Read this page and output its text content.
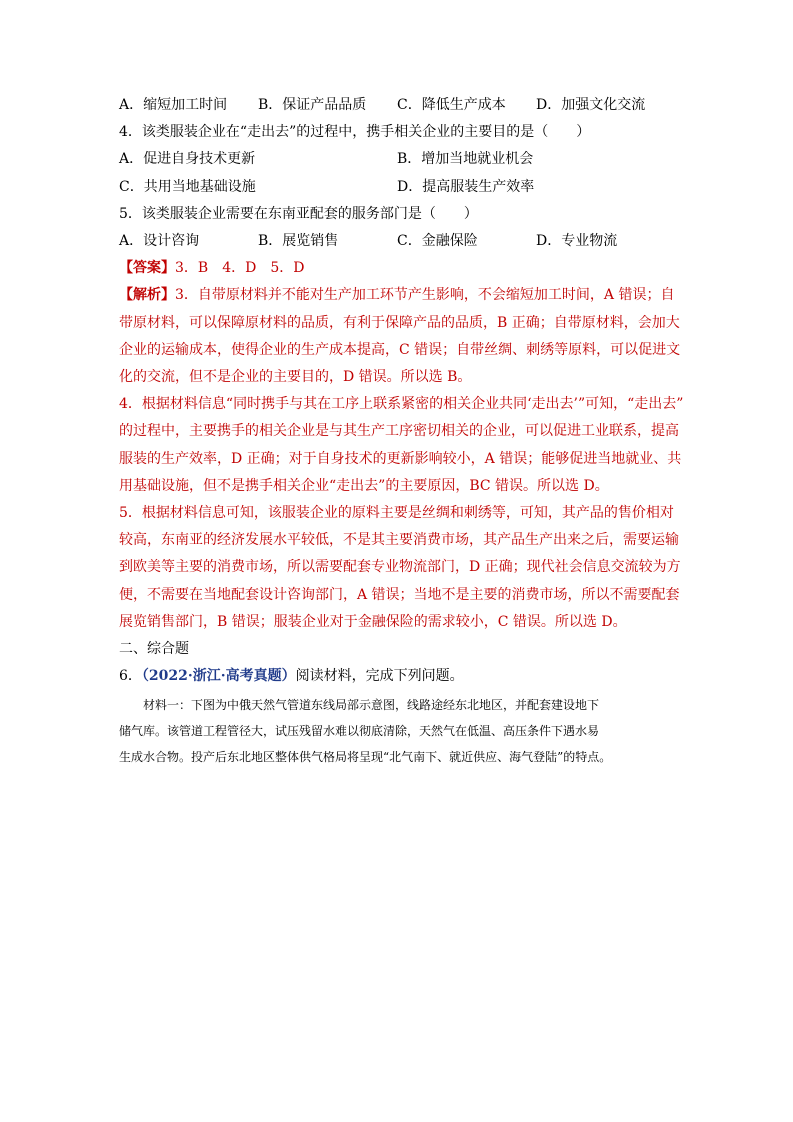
A．缩短加工时间 B．保证产品品质 C．降低生产成本 D．加强文化交流
4．该类服装企业在“走出去”的过程中，携手相关企业的主要目的是（　　）
A．促进自身技术更新	B．增加当地就业机会
C．共用当地基础设施	D．提高服装生产效率
5．该类服装企业需要在东南亚配套的服务部门是（　　）
A．设计咨询	B．展览销售	C．金融保险	D．专业物流
【答案】3．B　4．D　5．D
【解析】3．自带原材料并不能对生产加工环节产生影响，不会缩短加工时间，A 错误；自
带原材料，可以保障原材料的品质，有利于保障产品的品质，B 正确；自带原材料，会加大
企业的运输成本，使得企业的生产成本提高，C 错误；自带丝绸、刺绣等原料，可以促进文
化的交流，但不是企业的主要目的，D 错误。所以选 B。
4．根据材料信息“同时携手与其在工序上联系紧密的相关企业共同‘走出去’”可知，“走出去”
的过程中，主要携手的相关企业是与其生产工序密切相关的企业，可以促进工业联系，提高
服装的生产效率，D 正确；对于自身技术的更新影响较小，A 错误；能够促进当地就业、共
用基础设施，但不是携手相关企业“走出去”的主要原因，BC 错误。所以选 D。
5．根据材料信息可知，该服装企业的原料主要是丝绸和刺绣等，可知，其产品的售价相对
较高，东南亚的经济发展水平较低，不是其主要消费市场，其产品生产出来之后，需要运输
到欧美等主要的消费市场，所以需要配套专业物流部门，D 正确；现代社会信息交流较为方
便，不需要在当地配套设计咨询部门，A 错误；当地不是主要的消费市场，所以不需要配套
展览销售部门，B 错误；服装企业对于金融保险的需求较小，C 错误。所以选 D。
二、综合题
6．（2022·浙江·高考真题）阅读材料，完成下列问题。
　　材料一：下图为中俄天然气管道东线局部示意图，线路途经东北地区，并配套建设地下
储气库。该管道工程管径大，试压残留水难以彻底清除，天然气在低温、高压条件下遇水易
生成水合物。投产后东北地区整体供气格局将呈现“北气南下、就近供应、海气登陆”的特点。
